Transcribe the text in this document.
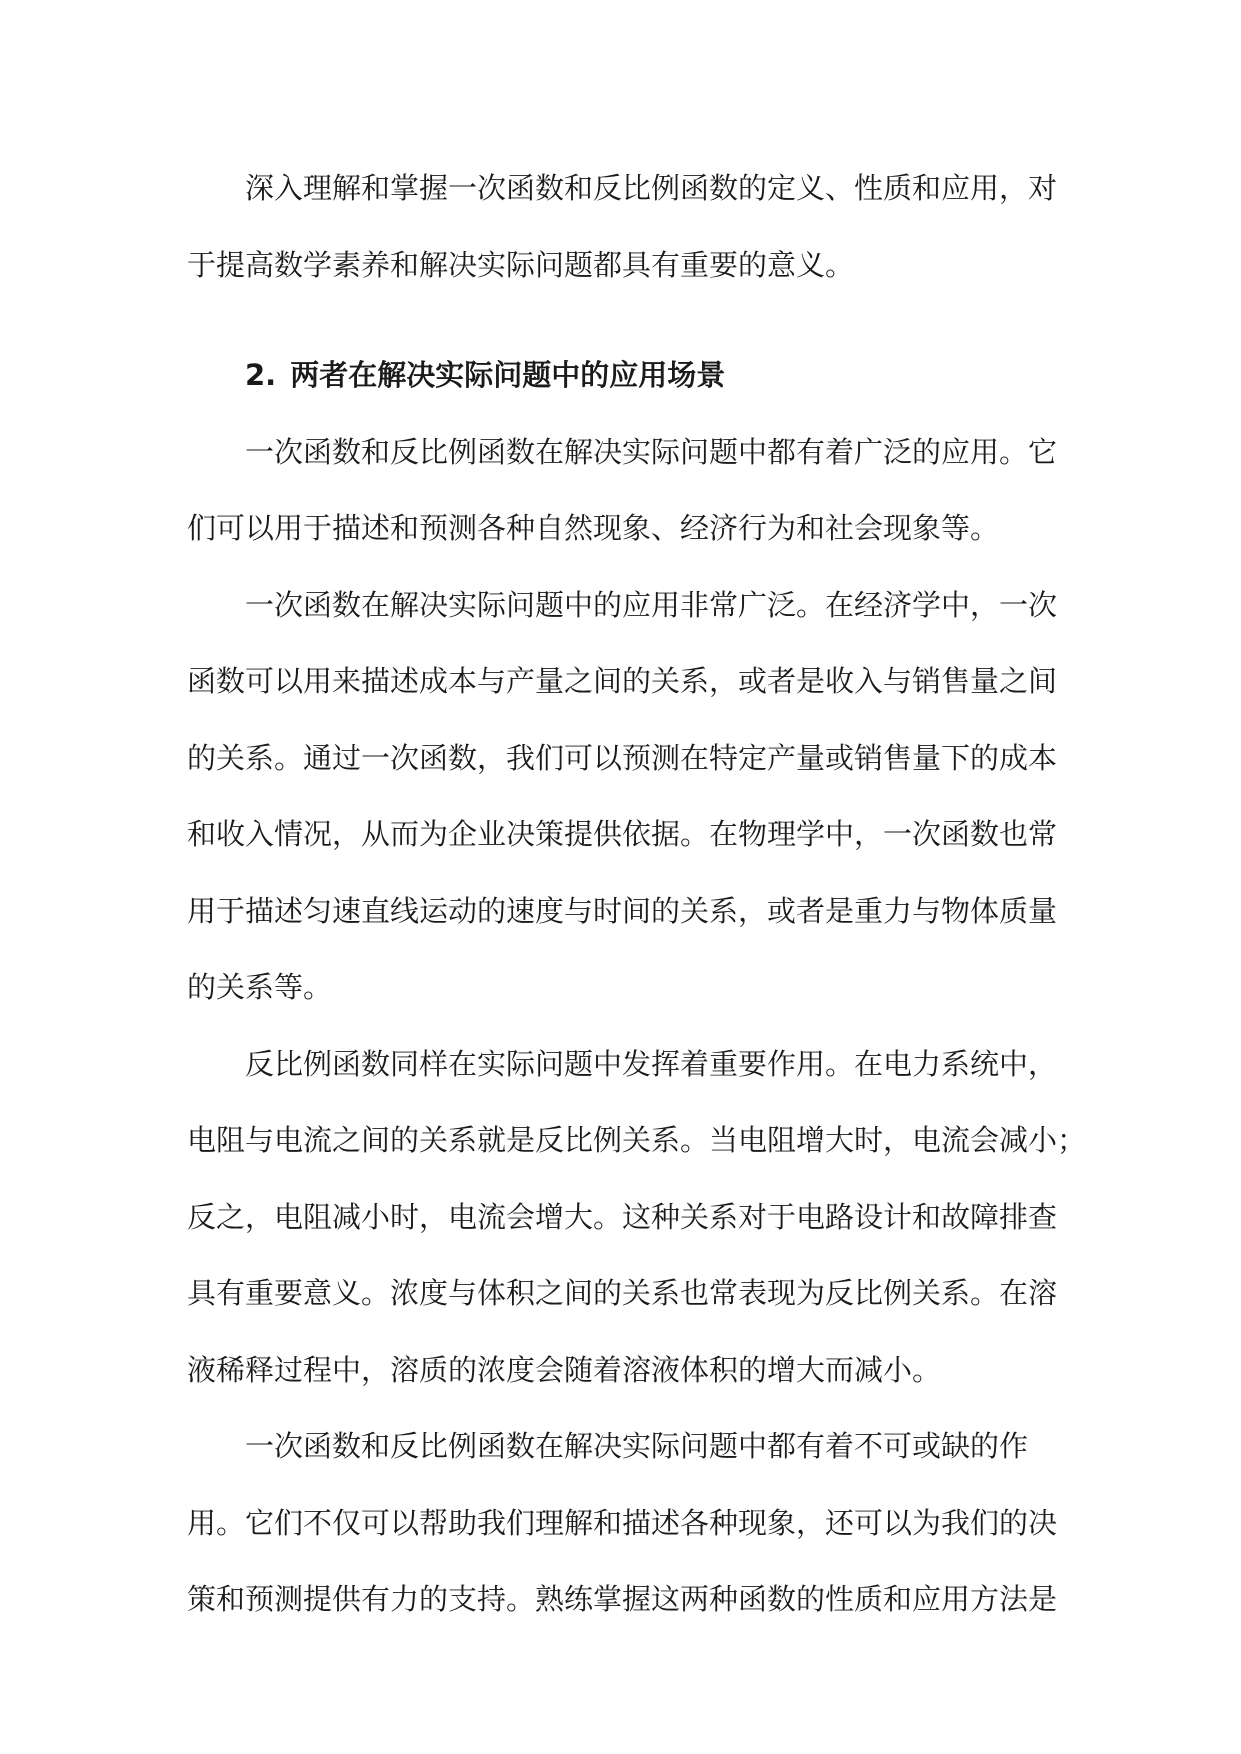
深入理解和掌握一次函数和反比例函数的定义、性质和应用，对
于提高数学素养和解决实际问题都具有重要的意义。

2. 两者在解决实际问题中的应用场景

一次函数和反比例函数在解决实际问题中都有着广泛的应用。它
们可以用于描述和预测各种自然现象、经济行为和社会现象等。

一次函数在解决实际问题中的应用非常广泛。在经济学中，一次
函数可以用来描述成本与产量之间的关系，或者是收入与销售量之间
的关系。通过一次函数，我们可以预测在特定产量或销售量下的成本
和收入情况，从而为企业决策提供依据。在物理学中，一次函数也常
用于描述匀速直线运动的速度与时间的关系，或者是重力与物体质量
的关系等。

反比例函数同样在实际问题中发挥着重要作用。在电力系统中，
电阻与电流之间的关系就是反比例关系。当电阻增大时，电流会减小；
反之，电阻减小时，电流会增大。这种关系对于电路设计和故障排查
具有重要意义。浓度与体积之间的关系也常表现为反比例关系。在溶
液稀释过程中，溶质的浓度会随着溶液体积的增大而减小。

一次函数和反比例函数在解决实际问题中都有着不可或缺的作
用。它们不仅可以帮助我们理解和描述各种现象，还可以为我们的决
策和预测提供有力的支持。熟练掌握这两种函数的性质和应用方法是
